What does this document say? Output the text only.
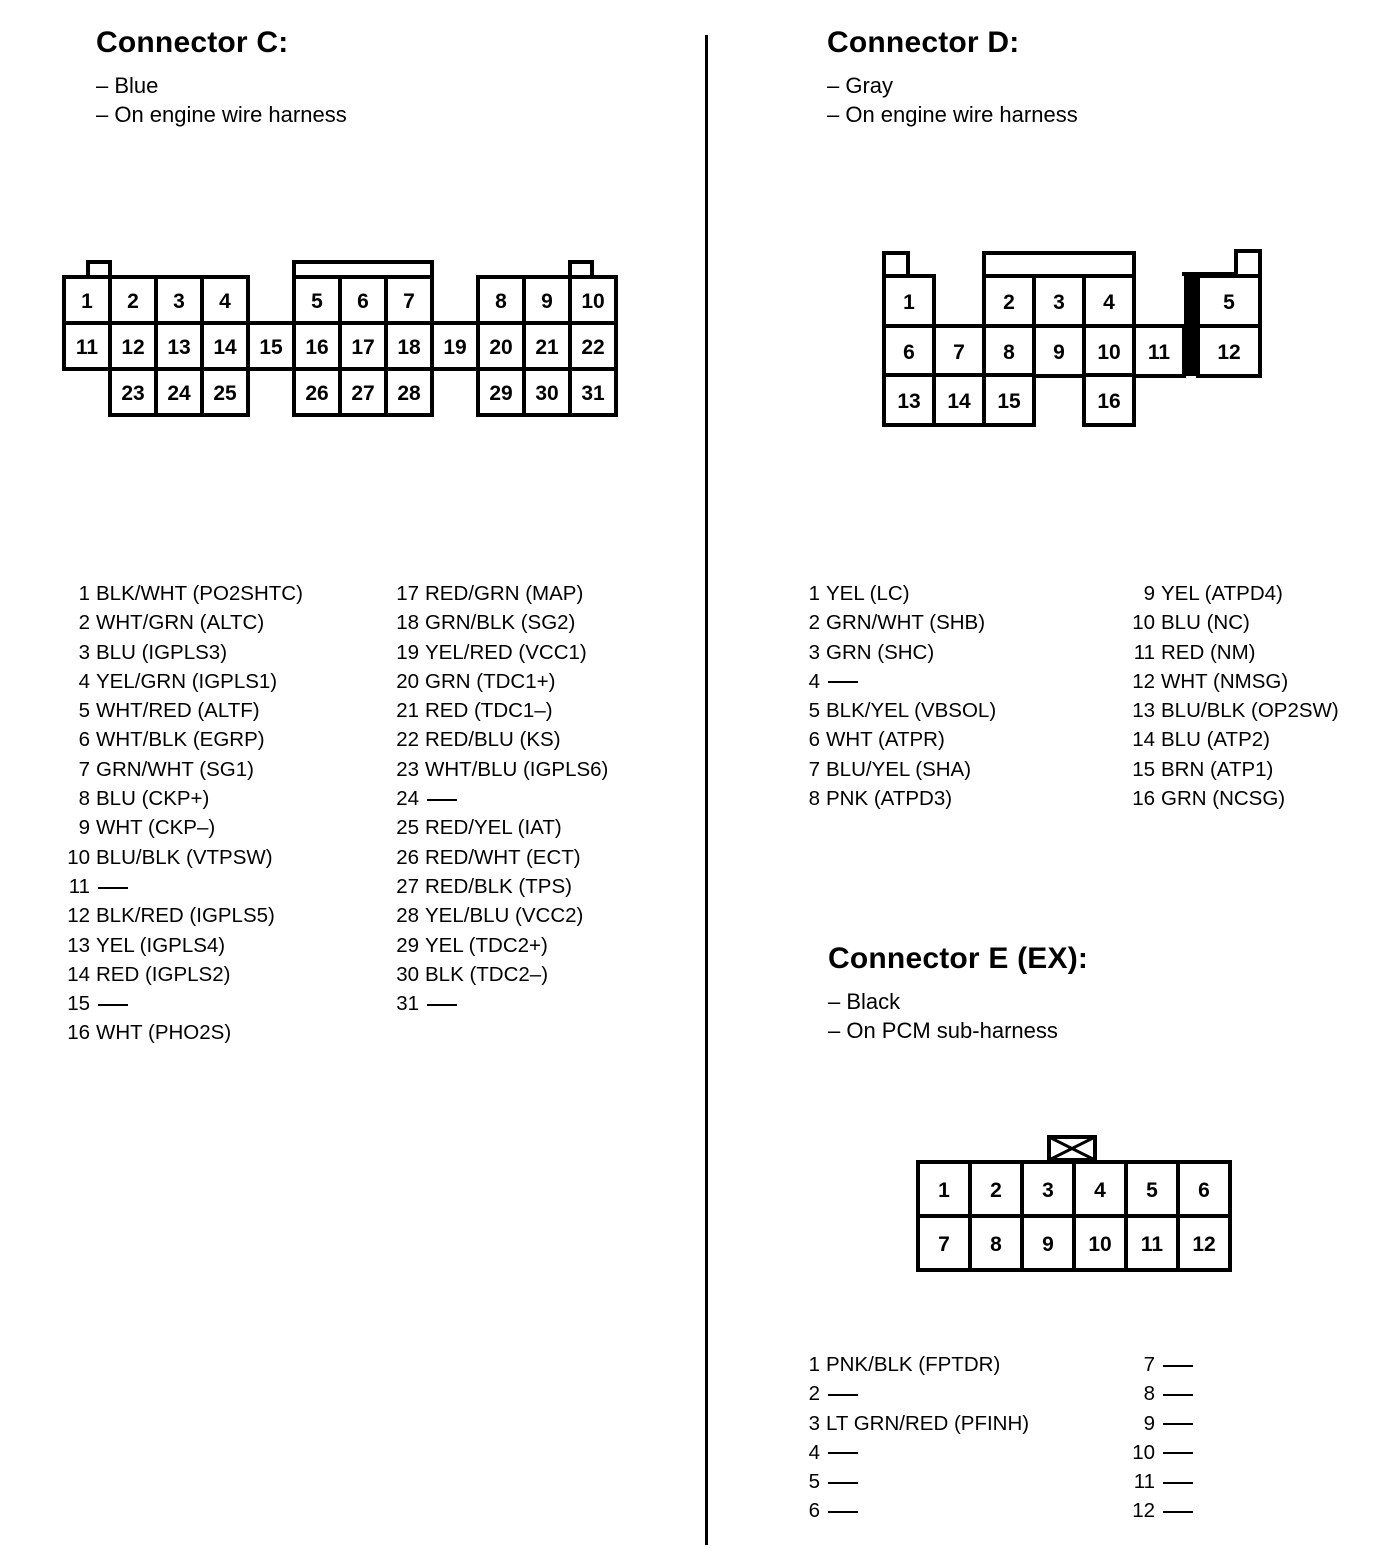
Connector C:
– Blue
– On engine wire harness
Connector D:
– Gray
– On engine wire harness
Connector E (EX):
– Black
– On PCM sub-harness
1 2 3 4	5 6 7	8 9 10
11 12 13 14 15 16 17 18 19 20 21 22
23 24 25	26 27 28	29 30 31
1	2 3 4	5
6 7 8 9 10 11 12
13 14 15	16
1 2 3 4 5 6
7 8 9 10 11 12
1 BLK/WHT (PO2SHTC)
2 WHT/GRN (ALTC)
3 BLU (IGPLS3)
4 YEL/GRN (IGPLS1)
5 WHT/RED (ALTF)
6 WHT/BLK (EGRP)
7 GRN/WHT (SG1)
8 BLU (CKP+)
9 WHT (CKP–)
10 BLU/BLK (VTPSW)
11
12 BLK/RED (IGPLS5)
13 YEL (IGPLS4)
14 RED (IGPLS2)
15
16 WHT (PHO2S)
17 RED/GRN (MAP)
18 GRN/BLK (SG2)
19 YEL/RED (VCC1)
20 GRN (TDC1+)
21 RED (TDC1–)
22 RED/BLU (KS)
23 WHT/BLU (IGPLS6)
24
25 RED/YEL (IAT)
26 RED/WHT (ECT)
27 RED/BLK (TPS)
28 YEL/BLU (VCC2)
29 YEL (TDC2+)
30 BLK (TDC2–)
31
1 YEL (LC)
2 GRN/WHT (SHB)
3 GRN (SHC)
4
5 BLK/YEL (VBSOL)
6 WHT (ATPR)
7 BLU/YEL (SHA)
8 PNK (ATPD3)
9 YEL (ATPD4)
10 BLU (NC)
11 RED (NM)
12 WHT (NMSG)
13 BLU/BLK (OP2SW)
14 BLU (ATP2)
15 BRN (ATP1)
16 GRN (NCSG)
1 PNK/BLK (FPTDR)
2
3 LT GRN/RED (PFINH)
4
5
6
7
8
9
10
11
12
